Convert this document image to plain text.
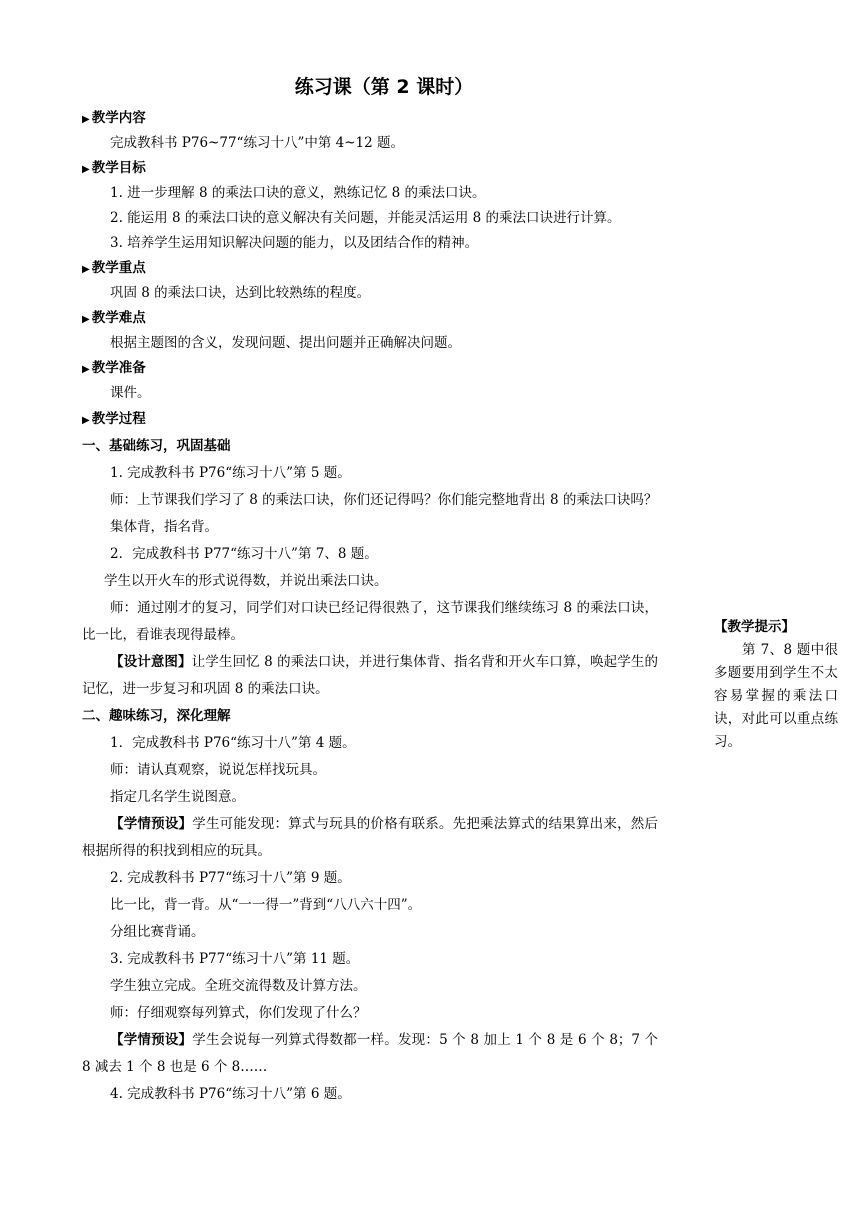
练习课（第 2 课时）
▶ 教学内容
完成教科书 P76~77“练习十八”中第 4~12 题。
▶ 教学目标
1. 进一步理解 8 的乘法口诀的意义，熟练记忆 8 的乘法口诀。
2. 能运用 8 的乘法口诀的意义解决有关问题，并能灵活运用 8 的乘法口诀进行计算。
3. 培养学生运用知识解决问题的能力，以及团结合作的精神。
▶ 教学重点
巩固 8 的乘法口诀，达到比较熟练的程度。
▶ 教学难点
根据主题图的含义，发现问题、提出问题并正确解决问题。
▶ 教学准备
课件。
▶ 教学过程
一、基础练习，巩固基础
1. 完成教科书 P76“练习十八”第 5 题。

师：上节课我们学习了 8 的乘法口诀，你们还记得吗？你们能完整地背出 8 的乘法口诀吗？

集体背，指名背。
2．完成教科书 P77“练习十八”第 7、8 题。
学生以开火车的形式说得数，并说出乘法口诀。

师：通过刚才的复习，同学们对口诀已经记得很熟了，这节课我们继续练习 8 的乘法口诀，比一比，看谁表现得最棒。

【设计意图】让学生回忆 8 的乘法口诀，并进行集体背、指名背和开火车口算，唤起学生的记忆，进一步复习和巩固 8 的乘法口诀。

二、趣味练习，深化理解
1．完成教科书 P76“练习十八”第 4 题。
师：请认真观察，说说怎样找玩具。
指定几名学生说图意。

【学情预设】学生可能发现：算式与玩具的价格有联系。先把乘法算式的结果算出来，然后根据所得的积找到相应的玩具。

2. 完成教科书 P77“练习十八”第 9 题。
比一比，背一背。从“一一得一”背到“八八六十四”。
分组比赛背诵。
3. 完成教科书 P77“练习十八”第 11 题。
学生独立完成。全班交流得数及计算方法。
师：仔细观察每列算式，你们发现了什么？

【学情预设】学生会说每一列算式得数都一样。发现：5 个 8 加上 1 个 8 是 6 个 8；7 个 8 减去 1 个 8 也是 6 个 8……

4. 完成教科书 P76“练习十八”第 6 题。
【教学提示】
第 7、8 题中很多题要用到学生不太容易掌握的乘法口诀，对此可以重点练习。
